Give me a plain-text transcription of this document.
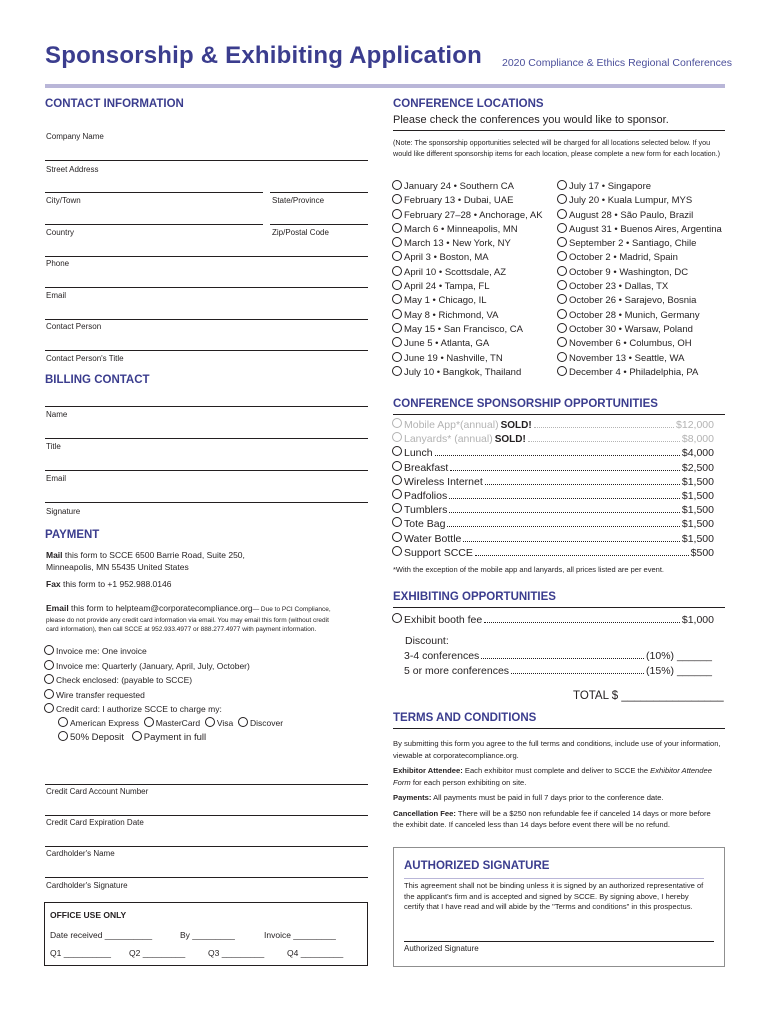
Sponsorship & Exhibiting Application 2020 Compliance & Ethics Regional Conferences
CONTACT INFORMATION
Company Name
Street Address
City/Town	State/Province
Country	Zip/Postal Code
Phone
Email
Contact Person
Contact Person's Title
BILLING CONTACT
Name
Title
Email
Signature
PAYMENT
Mail this form to SCCE 6500 Barrie Road, Suite 250,
Minneapolis, MN 55435 United States
Fax this form to +1 952.988.0146
Email this form to helpteam@corporatecompliance.org— Due to PCI Compliance,
please do not provide any credit card information via email. You may email this form (without credit
card information), then call SCCE at 952.933.4977 or 888.277.4977 with payment information.
Invoice me: One invoice
Invoice me: Quarterly (January, April, July, October)
Check enclosed: (payable to SCCE)
Wire transfer requested
Credit card: I authorize SCCE to charge my:
American Express MasterCard Visa Discover
50% Deposit Payment in full
Credit Card Account Number
Credit Card Expiration Date
Cardholder's Name
Cardholder's Signature
OFFICE USE ONLY
Date received __________	By _________	Invoice _________
Q1 __________ Q2 _________	Q3 _________	Q4 _________
CONFERENCE LOCATIONS
Please check the conferences you would like to sponsor.
(Note: The sponsorship opportunities selected will be charged for all locations selected below. If you would like different sponsorship items for each location, please complete a new form for each location.)
January 24 • Southern CA
February 13 • Dubai, UAE
February 27–28 • Anchorage, AK
March 6 • Minneapolis, MN
March 13 • New York, NY
April 3 • Boston, MA
April 10 • Scottsdale, AZ
April 24 • Tampa, FL
May 1 • Chicago, IL
May 8 • Richmond, VA
May 15 • San Francisco, CA
June 5 • Atlanta, GA
June 19 • Nashville, TN
July 10 • Bangkok, Thailand
July 17 • Singapore
July 20 • Kuala Lumpur, MYS
August 28 • São Paulo, Brazil
August 31 • Buenos Aires, Argentina
September 2 • Santiago, Chile
October 2 • Madrid, Spain
October 9 • Washington, DC
October 23 • Dallas, TX
October 26 • Sarajevo, Bosnia
October 28 • Munich, Germany
October 30 • Warsaw, Poland
November 6 • Columbus, OH
November 13 • Seattle, WA
December 4 • Philadelphia, PA
CONFERENCE SPONSORSHIP OPPORTUNITIES
Mobile App*(annual) SOLD!	$12,000
Lanyards* (annual) SOLD!	$8,000
Lunch	$4,000
Breakfast	$2,500
Wireless Internet	$1,500
Padfolios	$1,500
Tumblers	$1,500
Tote Bag	$1,500
Water Bottle	$1,500
Support SCCE	$500
*With the exception of the mobile app and lanyards, all prices listed are per event.
EXHIBITING OPPORTUNITIES
Exhibit booth fee	$1,000
Discount:
3-4 conferences	(10%) ______
5 or more conferences	(15%) ______
TOTAL $ ________________
TERMS AND CONDITIONS

By submitting this form you agree to the full terms and conditions, include use of your information, viewable at corporatecompliance.org.

Exhibitor Attendee: Each exhibitor must complete and deliver to SCCE the Exhibitor Attendee Form for each person exhibiting on site.

Payments: All payments must be paid in full 7 days prior to the conference date.

Cancellation Fee: There will be a $250 non refundable fee if canceled 14 days or more before the exhibit date. If canceled less than 14 days before event there will be no refund.

AUTHORIZED SIGNATURE
This agreement shall not be binding unless it is signed by an authorized representative of the applicant's firm and is accepted and signed by SCCE. By signing above, I hereby certify that I have read and will abide by the "Terms and conditions" in this prospectus.
Authorized Signature
